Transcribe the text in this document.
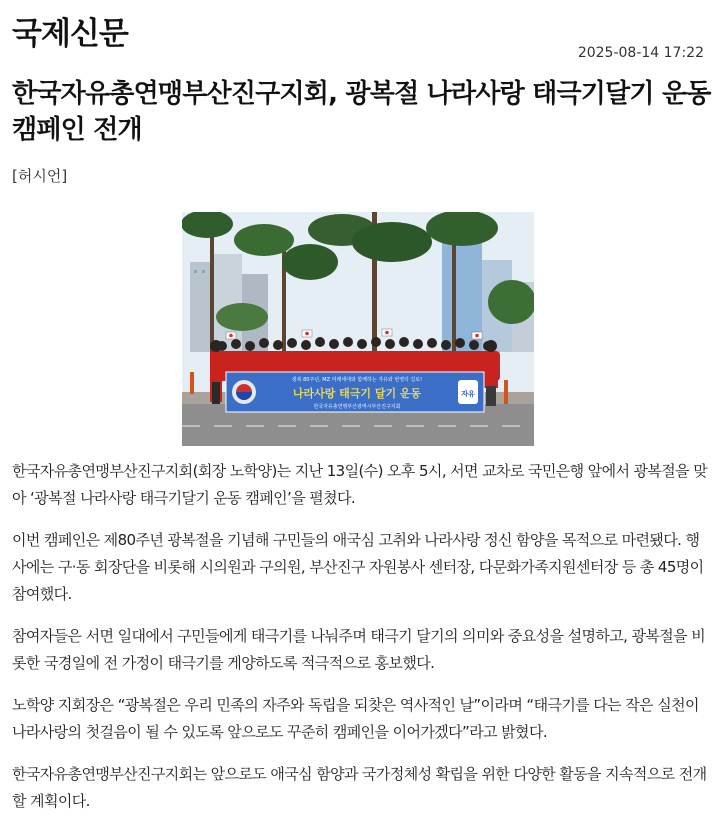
국제신문
2025-08-14 17:22
한국자유총연맹부산진구지회, 광복절 나라사랑 태극기달기 운동 캠페인 전개
[허시언]
광복 80주년, MZ 미래세대와 함께하는 자유와 번영의 길로!
나라사랑 태극기 달기 운동
한국자유총연맹부산광역시부산진구지회
자유

한국자유총연맹부산진구지회(회장 노학양)는 지난 13일(수) 오후 5시, 서면 교차로 국민은행 앞에서 광복절을 맞아 ‘광복절 나라사랑 태극기달기 운동 캠페인’을 펼쳤다.

이번 캠페인은 제80주년 광복절을 기념해 구민들의 애국심 고취와 나라사랑 정신 함양을 목적으로 마련됐다. 행사에는 구·동 회장단을 비롯해 시의원과 구의원, 부산진구 자원봉사 센터장, 다문화가족지원센터장 등 총 45명이 참여했다.

참여자들은 서면 일대에서 구민들에게 태극기를 나눠주며 태극기 달기의 의미와 중요성을 설명하고, 광복절을 비롯한 국경일에 전 가정이 태극기를 게양하도록 적극적으로 홍보했다.

노학양 지회장은 “광복절은 우리 민족의 자주와 독립을 되찾은 역사적인 날”이라며 “태극기를 다는 작은 실천이 나라사랑의 첫걸음이 될 수 있도록 앞으로도 꾸준히 캠페인을 이어가겠다”라고 밝혔다.

한국자유총연맹부산진구지회는 앞으로도 애국심 함양과 국가정체성 확립을 위한 다양한 활동을 지속적으로 전개할 계획이다.
